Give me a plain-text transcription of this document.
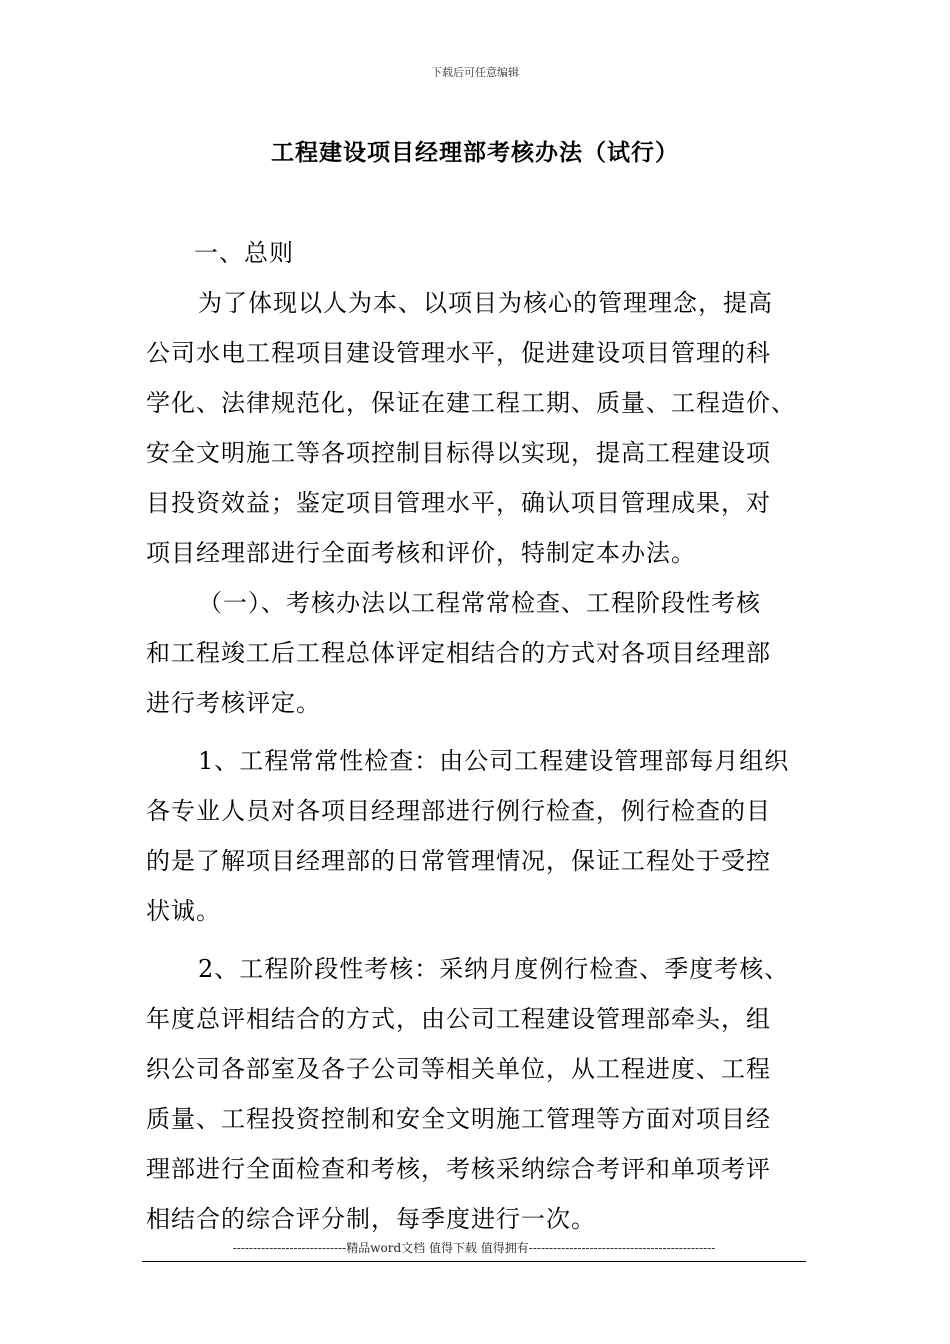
下载后可任意编辑
工程建设项目经理部考核办法（试行）
一、总则
为了体现以人为本、以项目为核心的管理理念，提高
公司水电工程项目建设管理水平，促进建设项目管理的科
学化、法律规范化，保证在建工程工期、质量、工程造价、
安全文明施工等各项控制目标得以实现，提高工程建设项
目投资效益；鉴定项目管理水平，确认项目管理成果，对
项目经理部进行全面考核和评价，特制定本办法。
（一）、考核办法以工程常常检查、工程阶段性考核
和工程竣工后工程总体评定相结合的方式对各项目经理部
进行考核评定。
1、工程常常性检查：由公司工程建设管理部每月组织
各专业人员对各项目经理部进行例行检查，例行检查的目
的是了解项目经理部的日常管理情况，保证工程处于受控
状诚。
2、工程阶段性考核：采纳月度例行检查、季度考核、
年度总评相结合的方式，由公司工程建设管理部牵头，组
织公司各部室及各子公司等相关单位，从工程进度、工程
质量、工程投资控制和安全文明施工管理等方面对项目经
理部进行全面检查和考核，考核采纳综合考评和单项考评
相结合的综合评分制，每季度进行一次。
----------------------------精品word文档 值得下载 值得拥有----------------------------------------------
